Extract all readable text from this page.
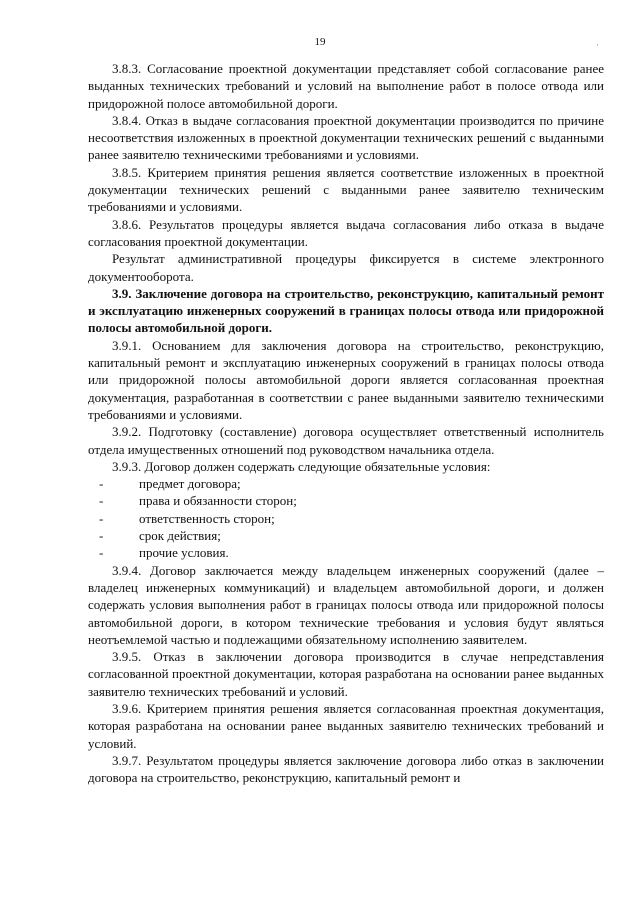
19	·

3.8.3. Согласование проектной документации представляет собой согласование ранее выданных технических требований и условий на выполнение работ в полосе отвода или придорожной полосе автомобильной дороги.

3.8.4. Отказ в выдаче согласования проектной документации производится по причине несоответствия изложенных в проектной документации технических решений с выданными ранее заявителю техническими требованиями и условиями.

3.8.5. Критерием принятия решения является соответствие изложенных в проектной документации технических решений с выданными ранее заявителю техническим требованиями и условиями.

3.8.6. Результатов процедуры является выдача согласования либо отказа в выдаче согласования проектной документации.

Результат административной процедуры фиксируется в системе электронного документооборота.

3.9. Заключение договора на строительство, реконструкцию, капитальный ремонт и эксплуатацию инженерных сооружений в границах полосы отвода или придорожной полосы автомобильной дороги.

3.9.1. Основанием для заключения договора на строительство, реконструкцию, капитальный ремонт и эксплуатацию инженерных сооружений в границах полосы отвода или придорожной полосы автомобильной дороги является согласованная проектная документация, разработанная в соответствии с ранее выданными заявителю техническими требованиями и условиями.

3.9.2. Подготовку (составление) договора осуществляет ответственный исполнитель отдела имущественных отношений под руководством начальника отдела.

3.9.3. Договор должен содержать следующие обязательные условия:

-	предмет договора;
-	права и обязанности сторон;
-	ответственность сторон;
-	срок действия;
-	прочие условия.

3.9.4. Договор заключается между владельцем инженерных сооружений (далее – владелец инженерных коммуникаций) и владельцем автомобильной дороги, и должен содержать условия выполнения работ в границах полосы отвода или придорожной полосы автомобильной дороги, в котором технические требования и условия будут являться неотъемлемой частью и подлежащими обязательному исполнению заявителем.

3.9.5. Отказ в заключении договора производится в случае непредставления согласованной проектной документации, которая разработана на основании ранее выданных заявителю технических требований и условий.

3.9.6. Критерием принятия решения является согласованная проектная документация, которая разработана на основании ранее выданных заявителю технических требований и условий.

3.9.7. Результатом процедуры является заключение договора либо отказ в заключении договора на строительство, реконструкцию, капитальный ремонт и
